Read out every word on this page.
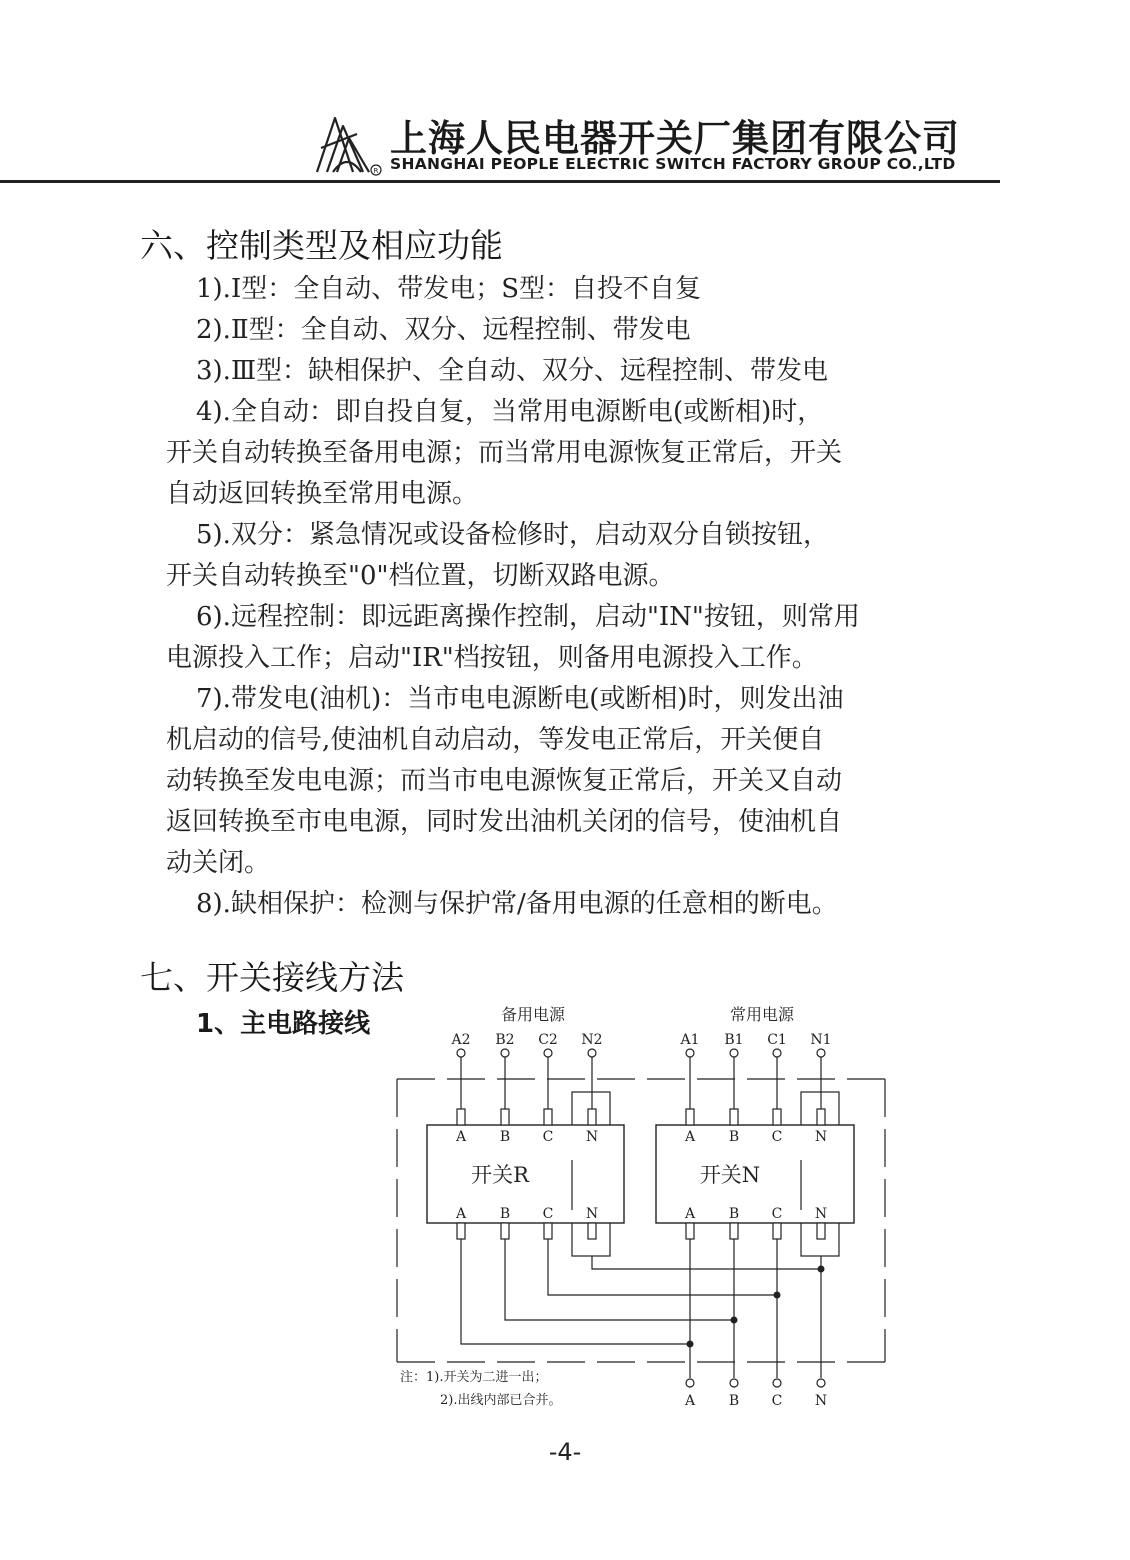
R
上海人民电器开关厂集团有限公司
SHANGHAI PEOPLE ELECTRIC SWITCH FACTORY GROUP CO.,LTD
六、控制类型及相应功能
1).Ⅰ型：全自动、带发电；S型：自投不自复
2).Ⅱ型：全自动、双分、远程控制、带发电
3).Ⅲ型：缺相保护、全自动、双分、远程控制、带发电
4).全自动：即自投自复，当常用电源断电(或断相)时，
开关自动转换至备用电源；而当常用电源恢复正常后，开关
自动返回转换至常用电源。
5).双分：紧急情况或设备检修时，启动双分自锁按钮，
开关自动转换至"0"档位置，切断双路电源。
6).远程控制：即远距离操作控制，启动"IN"按钮，则常用
电源投入工作；启动"IR"档按钮，则备用电源投入工作。
7).带发电(油机)：当市电电源断电(或断相)时，则发出油
机启动的信号,使油机自动启动，等发电正常后，开关便自
动转换至发电电源；而当市电电源恢复正常后，开关又自动
返回转换至市电电源，同时发出油机关闭的信号，使油机自
动关闭。
8).缺相保护：检测与保护常/备用电源的任意相的断电。
七、开关接线方法
1、主电路接线	备用电源	常用电源
A2 B2 C2 N2	A1 B1 C1 N1
A B C N	A B C N
A B C N	A B C N
开关R	开关N
A B C N
注：1).开关为二进一出；
2).出线内部已合并。
-4-
